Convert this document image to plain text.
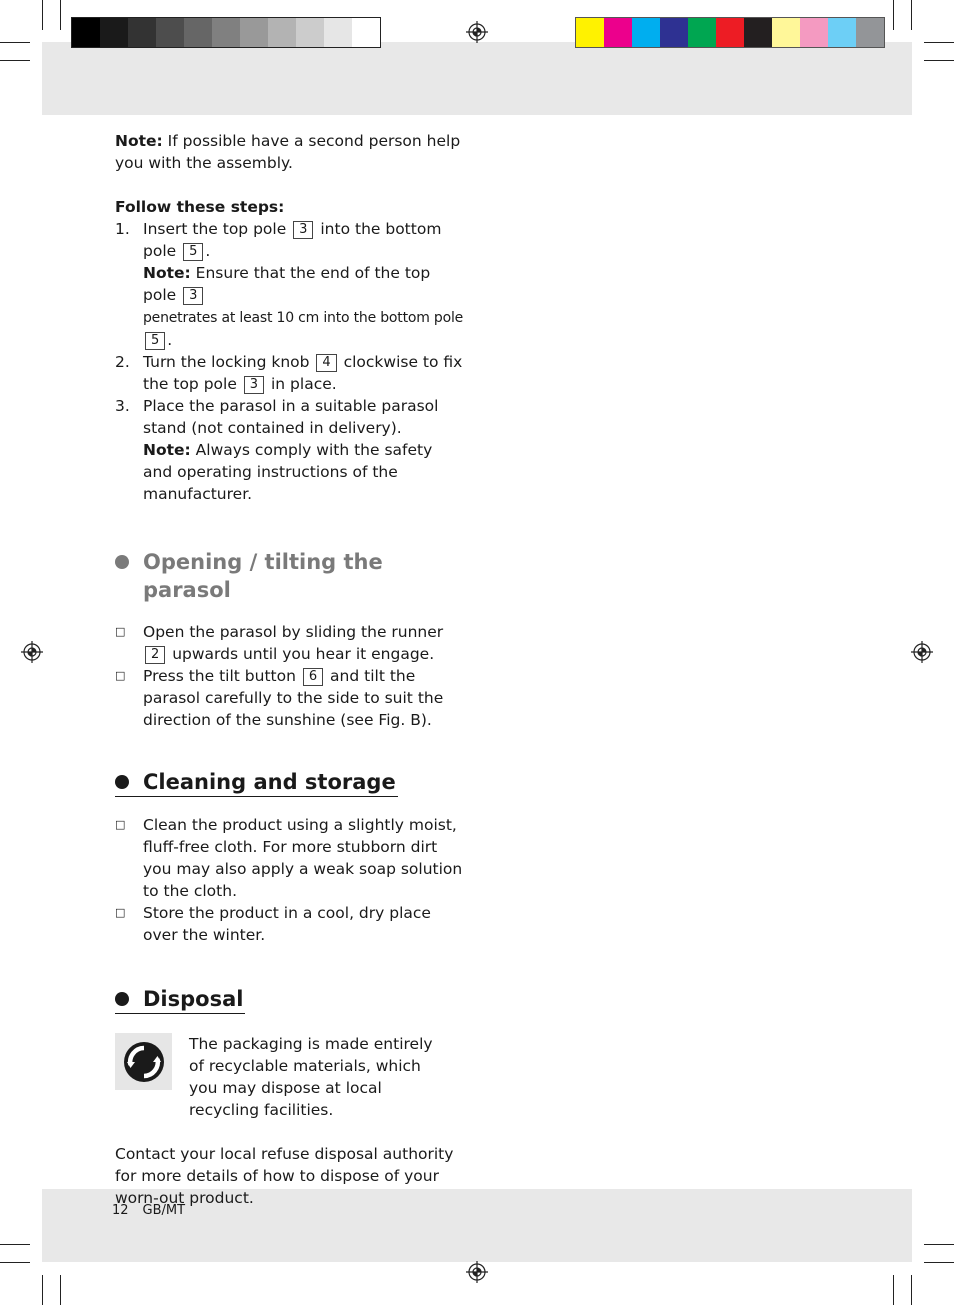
Note: If possible have a second person help you with the assembly.

Follow these steps:

1. Insert the top pole 3 into the bottom pole 5 .
Note: Ensure that the end of the top pole 3
penetrates at least 10 cm into the bottom pole 5 .
2. Turn the locking knob 4 clockwise to fix the top pole 3 in place.
3. Place the parasol in a suitable parasol stand (not contained in delivery).
Note: Always comply with the safety and operating instructions of the manufacturer.

Opening / tilting the parasol

□ Open the parasol by sliding the runner 2 upwards until you hear it engage.
□ Press the tilt button 6 and tilt the parasol carefully to the side to suit the direction of the sunshine (see Fig. B).

Cleaning and storage

□ Clean the product using a slightly moist, fluff-free cloth. For more stubborn dirt you may also apply a weak soap solution to the cloth.
□ Store the product in a cool, dry place over the winter.

Disposal

The packaging is made entirely of recyclable materials, which you may dispose at local recycling facilities.

Contact your local refuse disposal authority for more details of how to dispose of your worn-out product.

12 GB/MT
